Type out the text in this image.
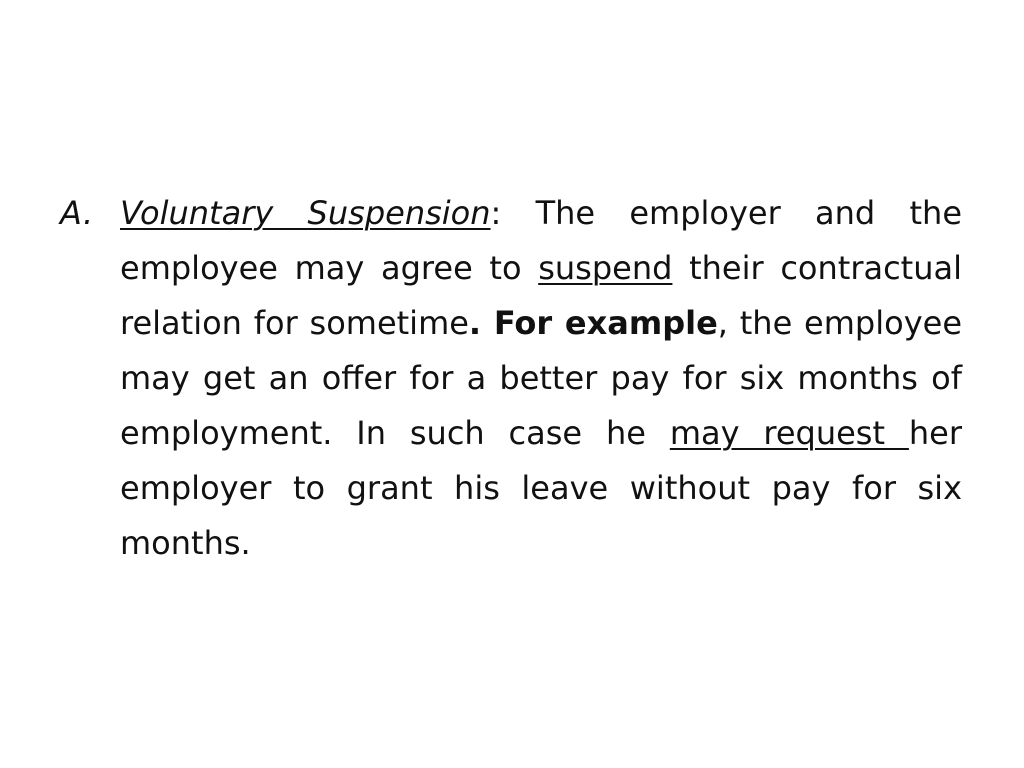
A. Voluntary Suspension: The employer and the employee may agree to suspend their contractual relation for sometime. For example, the employee may get an offer for a better pay for six months of employment. In such case he may request her employer to grant his leave without pay for six months.
